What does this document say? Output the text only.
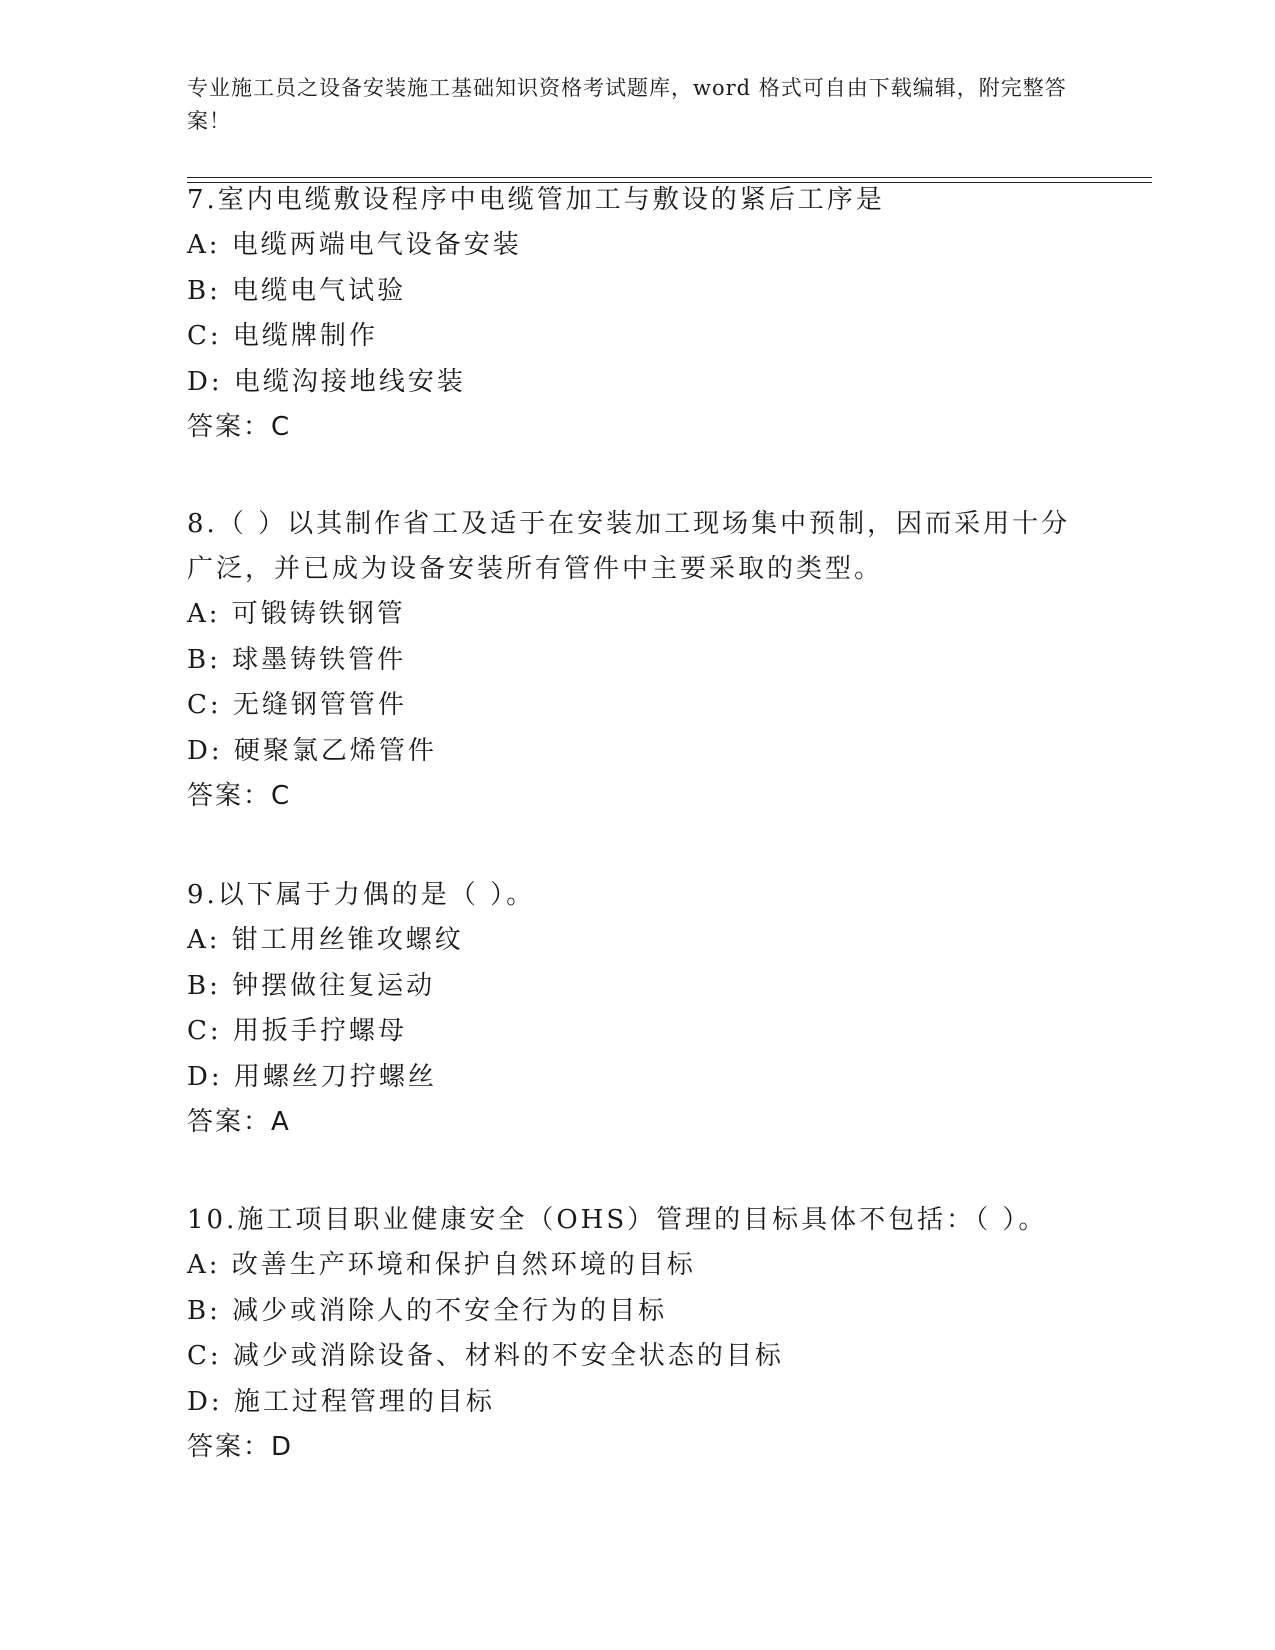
专业施工员之设备安装施工基础知识资格考试题库，word 格式可自由下载编辑，附完整答案！
7.室内电缆敷设程序中电缆管加工与敷设的紧后工序是
A: 电缆两端电气设备安装
B: 电缆电气试验
C: 电缆牌制作
D: 电缆沟接地线安装
答案：C
8.（ ）以其制作省工及适于在安装加工现场集中预制，因而采用十分广泛，并已成为设备安装所有管件中主要采取的类型。
A: 可锻铸铁钢管
B: 球墨铸铁管件
C: 无缝钢管管件
D: 硬聚氯乙烯管件
答案：C
9.以下属于力偶的是（ ）。
A: 钳工用丝锥攻螺纹
B: 钟摆做往复运动
C: 用扳手拧螺母
D: 用螺丝刀拧螺丝
答案：A
10.施工项目职业健康安全（OHS）管理的目标具体不包括：（ ）。
A: 改善生产环境和保护自然环境的目标
B: 减少或消除人的不安全行为的目标
C: 减少或消除设备、材料的不安全状态的目标
D: 施工过程管理的目标
答案：D
